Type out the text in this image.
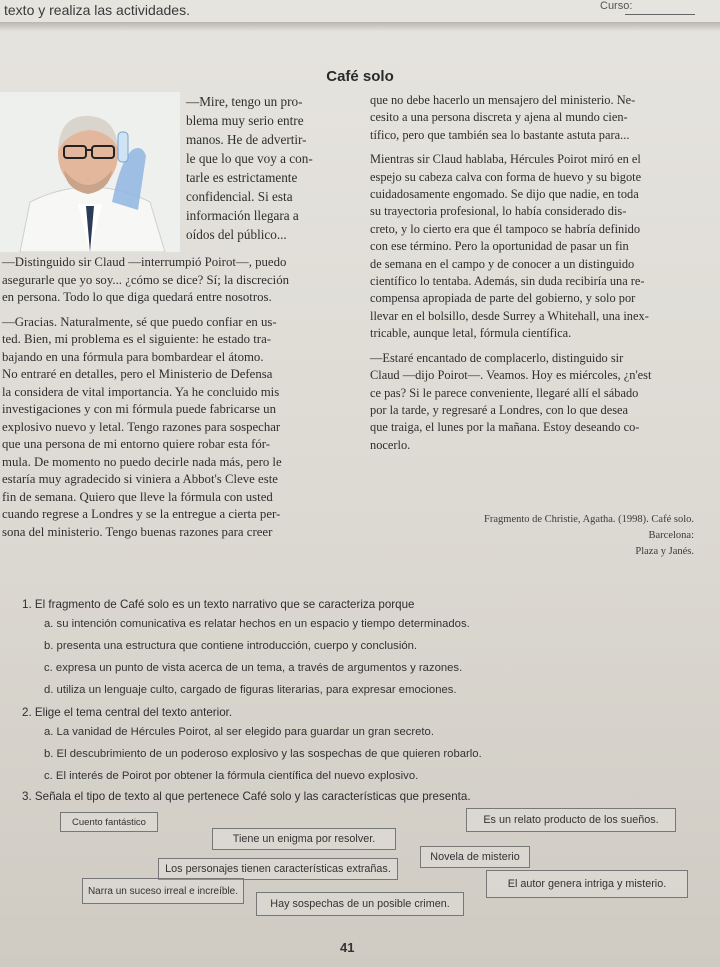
texto y realiza las actividades.	Curso:
Café solo
—Mire, tengo un pro-
blema muy serio entre
manos. He de advertir-
le que lo que voy a con-
tarle es estrictamente
confidencial. Si esta
información llegara a
oídos del público...
—Distinguido sir Claud —interrumpió Poirot—, puedo
asegurarle que yo soy... ¿cómo se dice? Sí; la discreción
en persona. Todo lo que diga quedará entre nosotros.
—Gracias. Naturalmente, sé que puedo confiar en us-
ted. Bien, mi problema es el siguiente: he estado tra-
bajando en una fórmula para bombardear el átomo.
No entraré en detalles, pero el Ministerio de Defensa
la considera de vital importancia. Ya he concluido mis
investigaciones y con mi fórmula puede fabricarse un
explosivo nuevo y letal. Tengo razones para sospechar
que una persona de mi entorno quiere robar esta fór-
mula. De momento no puedo decirle nada más, pero le
estaría muy agradecido si viniera a Abbot's Cleve este
fin de semana. Quiero que lleve la fórmula con usted
cuando regrese a Londres y se la entregue a cierta per-
sona del ministerio. Tengo buenas razones para creer
que no debe hacerlo un mensajero del ministerio. Ne-
cesito a una persona discreta y ajena al mundo cien-
tífico, pero que también sea lo bastante astuta para...
Mientras sir Claud hablaba, Hércules Poirot miró en el
espejo su cabeza calva con forma de huevo y su bigote
cuidadosamente engomado. Se dijo que nadie, en toda
su trayectoria profesional, lo había considerado dis-
creto, y lo cierto era que él tampoco se habría definido
con ese término. Pero la oportunidad de pasar un fin
de semana en el campo y de conocer a un distinguido
científico lo tentaba. Además, sin duda recibiría una re-
compensa apropiada de parte del gobierno, y solo por
llevar en el bolsillo, desde Surrey a Whitehall, una inex-
tricable, aunque letal, fórmula científica.
—Estaré encantado de complacerlo, distinguido sir
Claud —dijo Poirot—. Veamos. Hoy es miércoles, ¿n'est
ce pas? Si le parece conveniente, llegaré allí el sábado
por la tarde, y regresaré a Londres, con lo que desea
que traiga, el lunes por la mañana. Estoy deseando co-
nocerlo.
Fragmento de Christie, Agatha. (1998). Café solo. Barcelona:
Plaza y Janés.
1. El fragmento de Café solo es un texto narrativo que se caracteriza porque
a. su intención comunicativa es relatar hechos en un espacio y tiempo determinados.
b. presenta una estructura que contiene introducción, cuerpo y conclusión.
c. expresa un punto de vista acerca de un tema, a través de argumentos y razones.
d. utiliza un lenguaje culto, cargado de figuras literarias, para expresar emociones.
2. Elige el tema central del texto anterior.
a. La vanidad de Hércules Poirot, al ser elegido para guardar un gran secreto.
b. El descubrimiento de un poderoso explosivo y las sospechas de que quieren robarlo.
c. El interés de Poirot por obtener la fórmula científica del nuevo explosivo.
3. Señala el tipo de texto al que pertenece Café solo y las características que presenta.
Cuento fantástico
Tiene un enigma por resolver.
Es un relato producto de los sueños.
Los personajes tienen características extrañas.
Novela de misterio
Narra un suceso irreal e increíble.
Hay sospechas de un posible crimen.
El autor genera intriga y misterio.
41
